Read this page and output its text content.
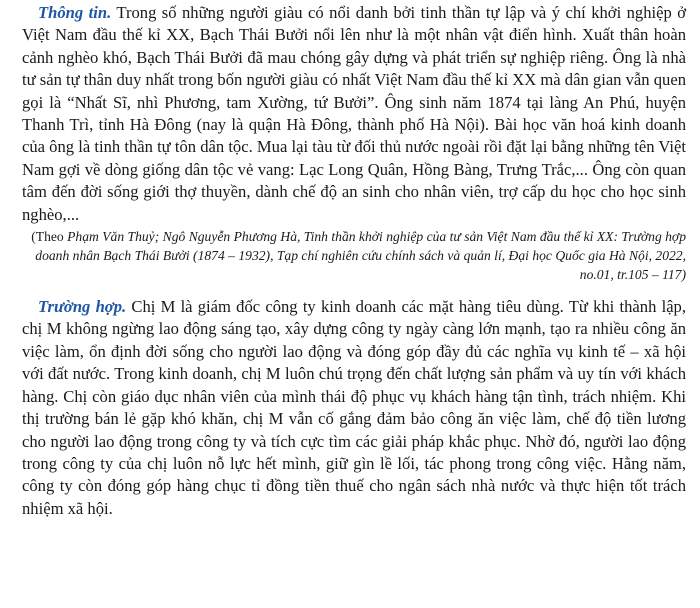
Thông tin. Trong số những người giàu có nổi danh bởi tinh thần tự lập và ý chí khởi nghiệp ở Việt Nam đầu thế kỉ XX, Bạch Thái Bưởi nổi lên như là một nhân vật điển hình. Xuất thân hoàn cảnh nghèo khó, Bạch Thái Bưởi đã mau chóng gây dựng và phát triển sự nghiệp riêng. Ông là nhà tư sản tự thân duy nhất trong bốn người giàu có nhất Việt Nam đầu thế kỉ XX mà dân gian vẫn quen gọi là “Nhất Sĩ, nhì Phương, tam Xường, tứ Bưởi”. Ông sinh năm 1874 tại làng An Phú, huyện Thanh Trì, tỉnh Hà Đông (nay là quận Hà Đông, thành phố Hà Nội). Bài học văn hoá kinh doanh của ông là tinh thần tự tôn dân tộc. Mua lại tàu từ đối thủ nước ngoài rồi đặt lại bằng những tên Việt Nam gợi về dòng giống dân tộc vẻ vang: Lạc Long Quân, Hồng Bàng, Trưng Trắc,... Ông còn quan tâm đến đời sống giới thợ thuyền, dành chế độ an sinh cho nhân viên, trợ cấp du học cho học sinh nghèo,...

(Theo Phạm Văn Thuỷ; Ngô Nguyễn Phương Hà, Tinh thần khởi nghiệp của tư sản Việt Nam đầu thế kỉ XX: Trường hợp doanh nhân Bạch Thái Bưởi (1874 – 1932), Tạp chí nghiên cứu chính sách và quản lí, Đại học Quốc gia Hà Nội, 2022, no.01, tr.105 – 117)

Trường hợp. Chị M là giám đốc công ty kinh doanh các mặt hàng tiêu dùng. Từ khi thành lập, chị M không ngừng lao động sáng tạo, xây dựng công ty ngày càng lớn mạnh, tạo ra nhiều công ăn việc làm, ổn định đời sống cho người lao động và đóng góp đầy đủ các nghĩa vụ kinh tế – xã hội với đất nước. Trong kinh doanh, chị M luôn chú trọng đến chất lượng sản phẩm và uy tín với khách hàng. Chị còn giáo dục nhân viên của mình thái độ phục vụ khách hàng tận tình, trách nhiệm. Khi thị trường bán lẻ gặp khó khăn, chị M vẫn cố gắng đảm bảo công ăn việc làm, chế độ tiền lương cho người lao động trong công ty và tích cực tìm các giải pháp khắc phục. Nhờ đó, người lao động trong công ty của chị luôn nỗ lực hết mình, giữ gìn lề lối, tác phong trong công việc. Hằng năm, công ty còn đóng góp hàng chục tỉ đồng tiền thuế cho ngân sách nhà nước và thực hiện tốt trách nhiệm xã hội.
